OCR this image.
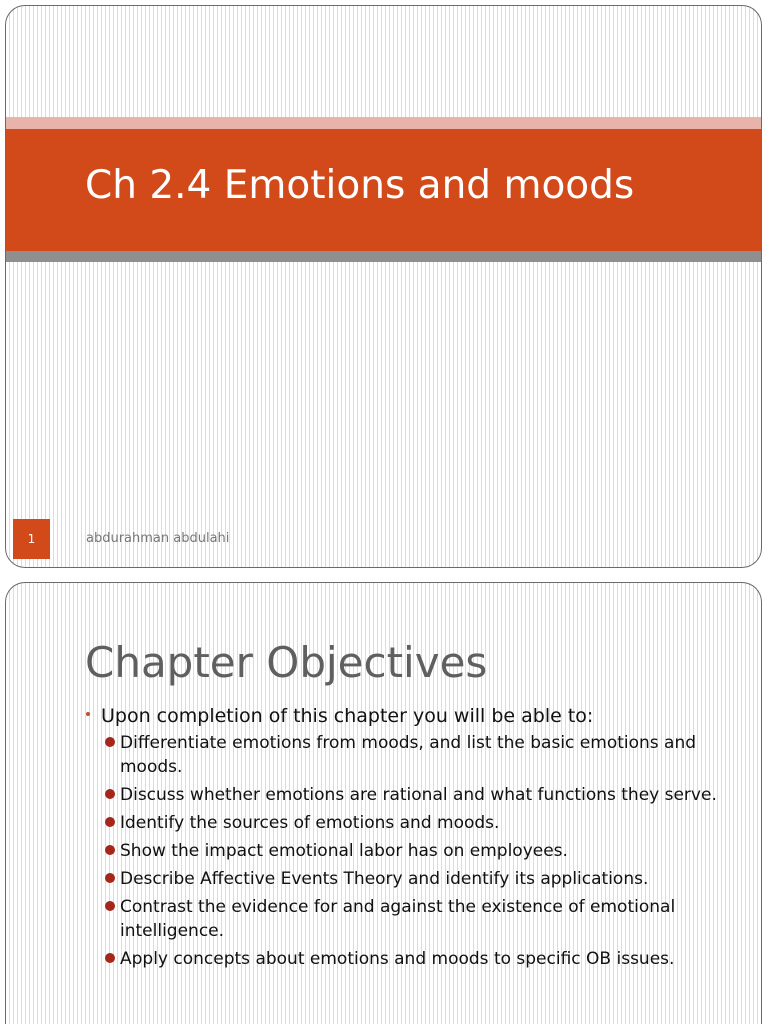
Ch 2.4 Emotions and moods
1	abdurahman abdulahi
Chapter Objectives
Upon completion of this chapter you will be able to:
Differentiate emotions from moods, and list the basic emotions and moods.
Discuss whether emotions are rational and what functions they serve.
Identify the sources of emotions and moods.
Show the impact emotional labor has on employees.
Describe Affective Events Theory and identify its applications.
Contrast the evidence for and against the existence of emotional intelligence.
Apply concepts about emotions and moods to specific OB issues.
